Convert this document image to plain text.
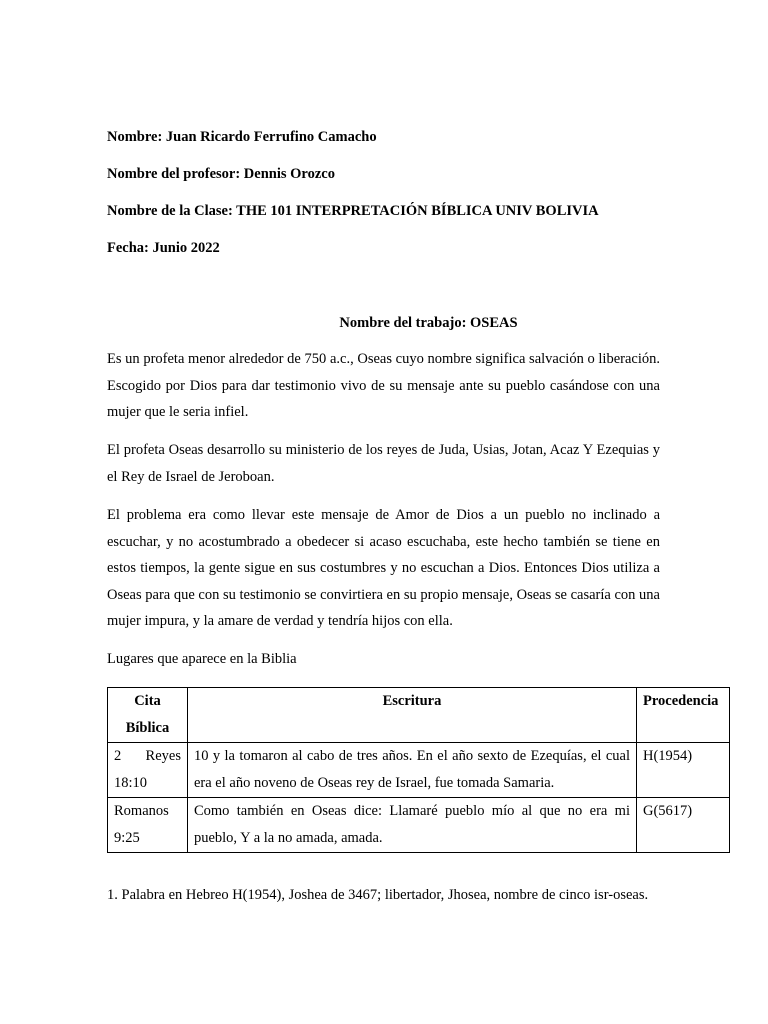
Nombre: Juan Ricardo Ferrufino Camacho
Nombre del profesor: Dennis Orozco
Nombre de la Clase: THE 101 INTERPRETACIÓN BÍBLICA UNIV BOLIVIA
Fecha: Junio 2022
Nombre del trabajo: OSEAS
Es un profeta menor alrededor de 750 a.c., Oseas cuyo nombre significa salvación o liberación. Escogido por Dios para dar testimonio vivo de su mensaje ante su pueblo casándose con una mujer que le seria infiel.
El profeta Oseas desarrollo su ministerio de los reyes de Juda, Usias, Jotan, Acaz Y Ezequias y el Rey de Israel de Jeroboan.
El problema era como llevar este mensaje de Amor de Dios a un pueblo no inclinado a escuchar, y no acostumbrado a obedecer si acaso escuchaba, este hecho también se tiene en estos tiempos, la gente sigue en sus costumbres y no escuchan a Dios. Entonces Dios utiliza a Oseas para que con su testimonio se convirtiera en su propio mensaje, Oseas se casaría con una mujer impura, y la amare de verdad y tendría hijos con ella.
Lugares que aparece en la Biblia
Cita Bíblica	Escritura	Procedencia
2 Reyes 18:10	10 y la tomaron al cabo de tres años. En el año sexto de Ezequías, el cual era el año noveno de Oseas rey de Israel, fue tomada Samaria.	H(1954)
Romanos 9:25	Como también en Oseas dice: Llamaré pueblo mío al que no era mi pueblo, Y a la no amada, amada.	G(5617)
1. Palabra en Hebreo H(1954), Joshea de 3467; libertador, Jhosea, nombre de cinco isr-oseas.
